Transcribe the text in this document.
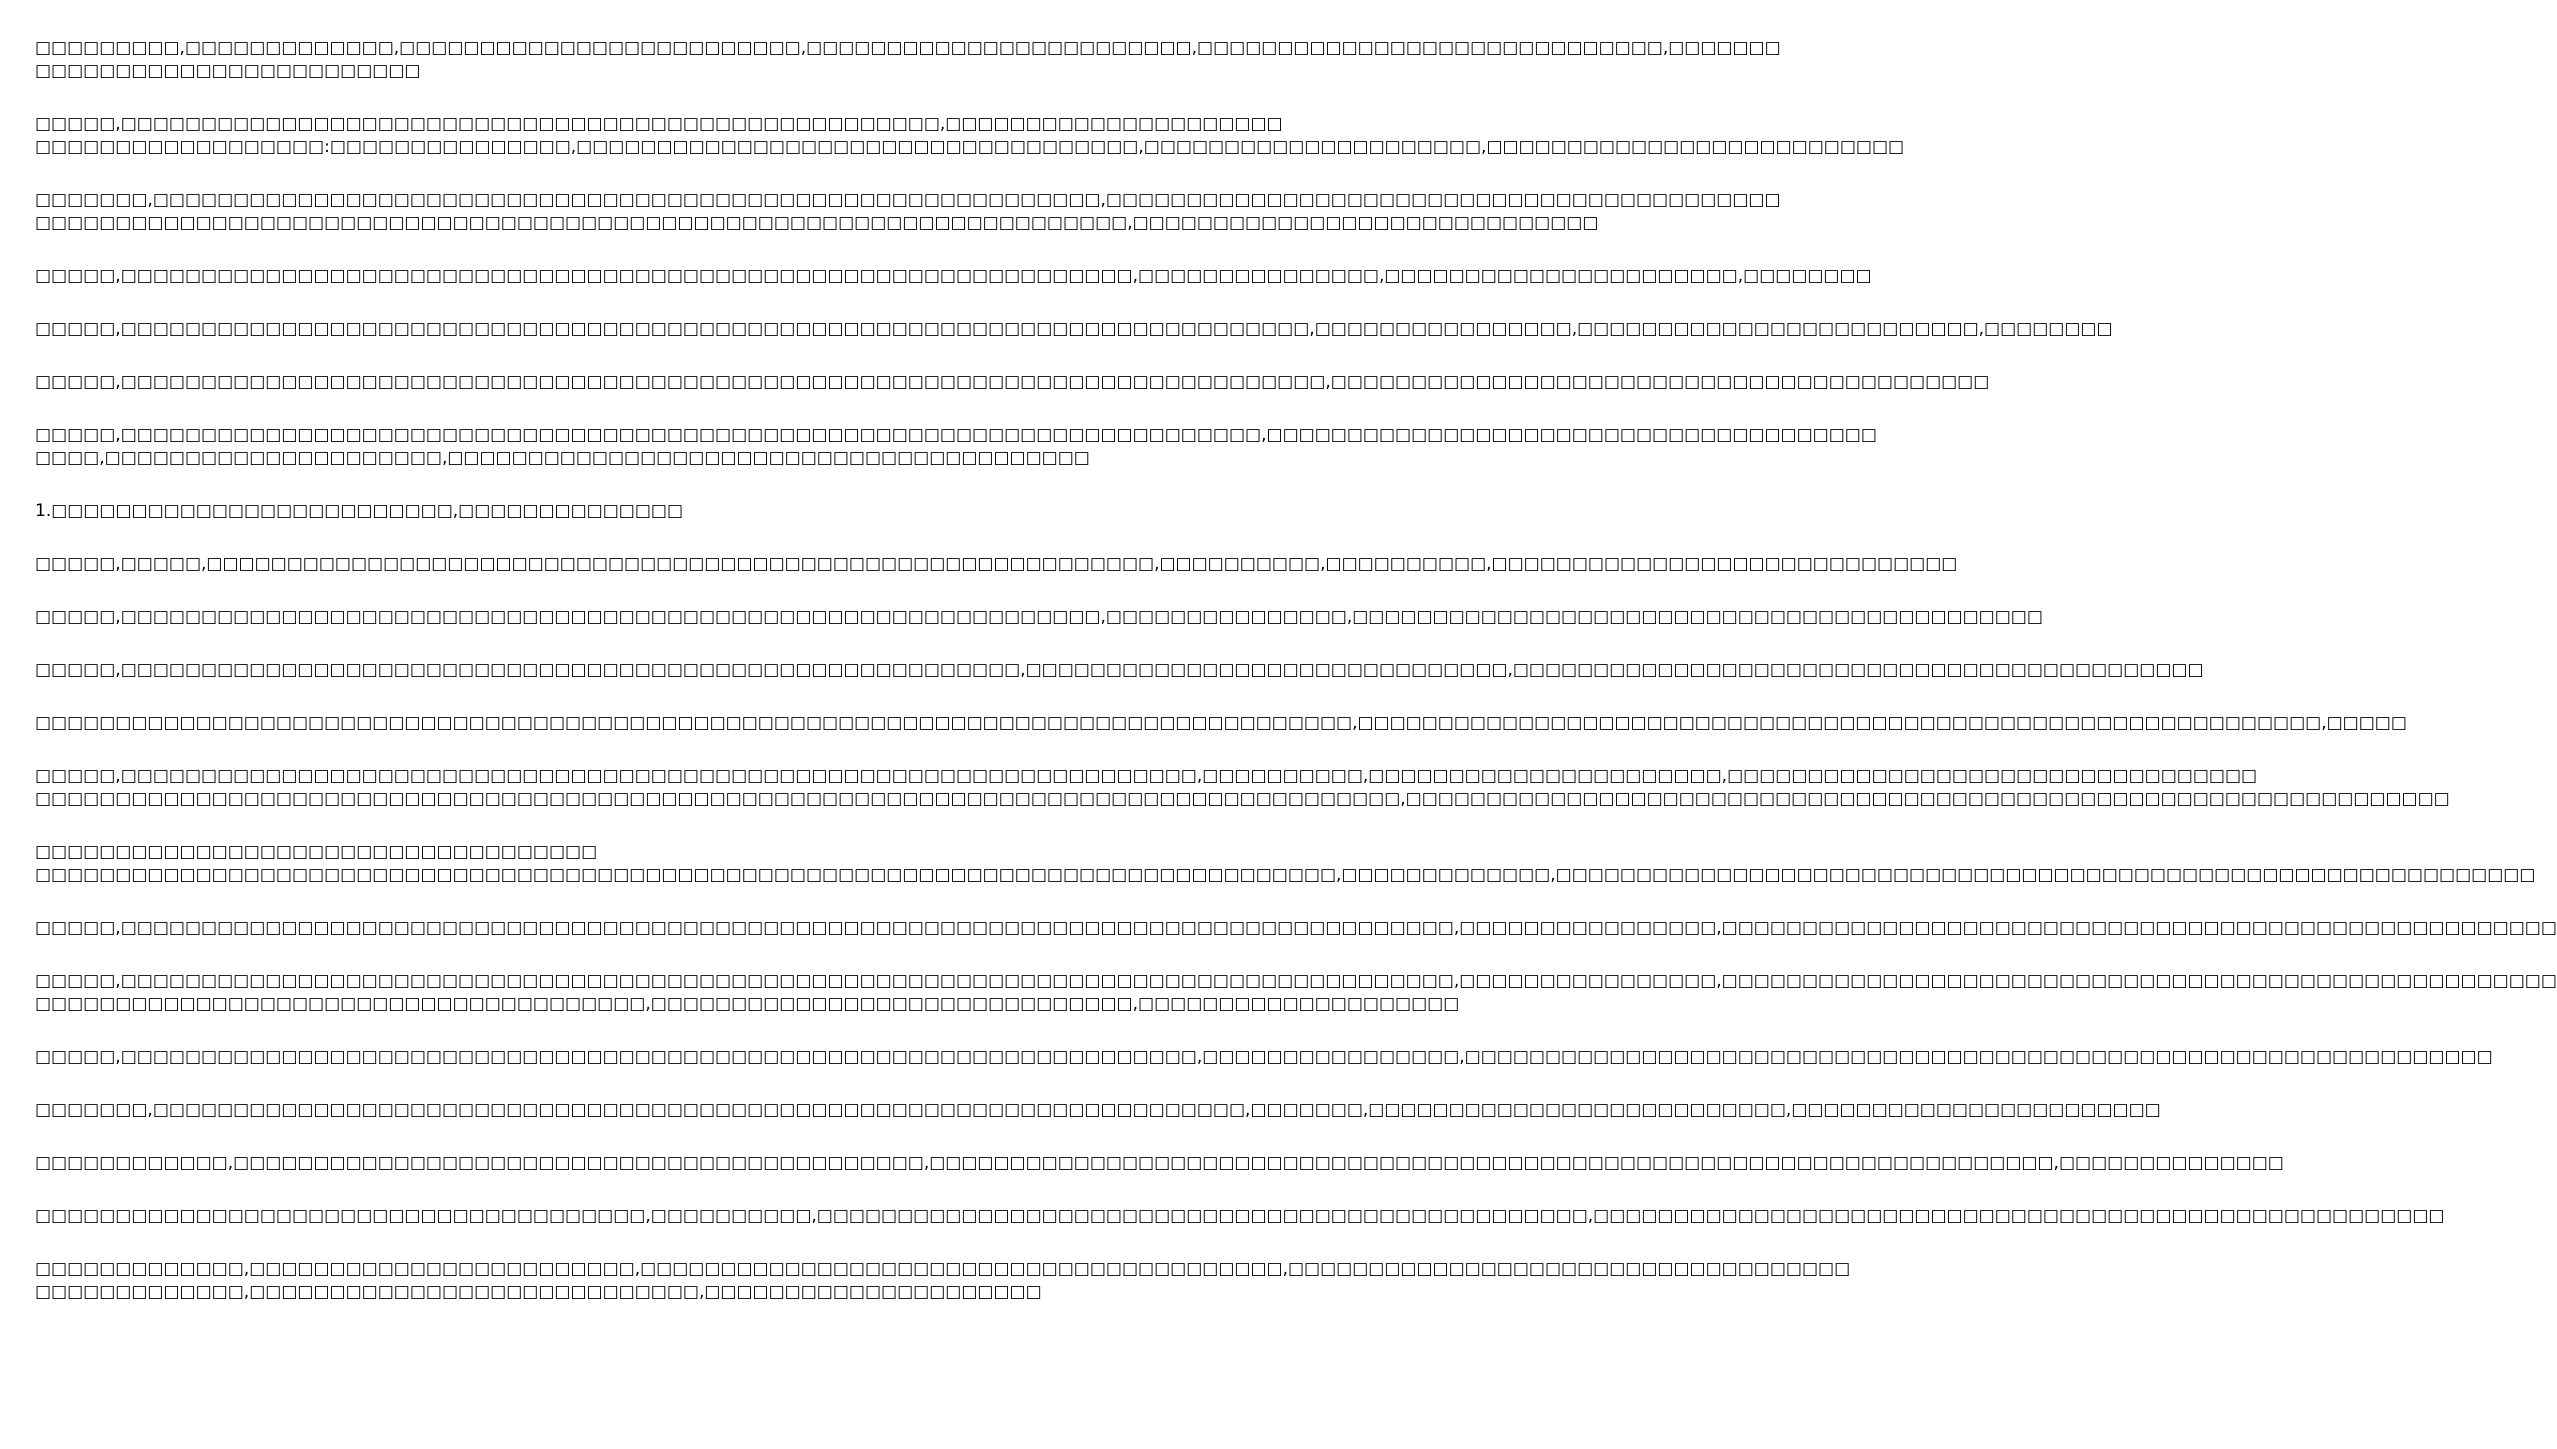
□□□□□□□□□,□□□□□□□□□□□□□,□□□□□□□□□□□□□□□□□□□□□□□□□,□□□□□□□□□□□□□□□□□□□□□□□□,□□□□□□□□□□□□□□□□□□□□□□□□□□□□□,□□□□□□□
□□□□□□□□□□□□□□□□□□□□□□□□
□□□□□,□□□□□□□□□□□□□□□□□□□□□□□□□□□□□□□□□□□□□□□□□□□□□□□□□□□,□□□□□□□□□□□□□□□□□□□□□
□□□□□□□□□□□□□□□□□□:□□□□□□□□□□□□□□□,□□□□□□□□□□□□□□□□□□□□□□□□□□□□□□□□□□□,□□□□□□□□□□□□□□□□□□□□□,□□□□□□□□□□□□□□□□□□□□□□□□□□
□□□□□□□,□□□□□□□□□□□□□□□□□□□□□□□□□□□□□□□□□□□□□□□□□□□□□□□□□□□□□□□□□□□,□□□□□□□□□□□□□□□□□□□□□□□□□□□□□□□□□□□□□□□□□□
□□□□□□□□□□□□□□□□□□□□□□□□□□□□□□□□□□□□□□□□□□□□□□□□□□□□□□□□□□□□□□□□□□□□,□□□□□□□□□□□□□□□□□□□□□□□□□□□□□
□□□□□,□□□□□□□□□□□□□□□□□□□□□□□□□□□□□□□□□□□□□□□□□□□□□□□□□□□□□□□□□□□□□□□,□□□□□□□□□□□□□□□,□□□□□□□□□□□□□□□□□□□□□□,□□□□□□□□
□□□□□,□□□□□□□□□□□□□□□□□□□□□□□□□□□□□□□□□□□□□□□□□□□□□□□□□□□□□□□□□□□□□□□□□□□□□□□□□□,□□□□□□□□□□□□□□□□,□□□□□□□□□□□□□□□□□□□□□□□□□,□□□□□□□□
□□□□□,□□□□□□□□□□□□□□□□□□□□□□□□□□□□□□□□□□□□□□□□□□□□□□□□□□□□□□□□□□□□□□□□□□□□□□□□□□□,□□□□□□□□□□□□□□□□□□□□□□□□□□□□□□□□□□□□□□□□□
□□□□□,□□□□□□□□□□□□□□□□□□□□□□□□□□□□□□□□□□□□□□□□□□□□□□□□□□□□□□□□□□□□□□□□□□□□□□□,□□□□□□□□□□□□□□□□□□□□□□□□□□□□□□□□□□□□□□
□□□□,□□□□□□□□□□□□□□□□□□□□□,□□□□□□□□□□□□□□□□□□□□□□□□□□□□□□□□□□□□□□□□
1.□□□□□□□□□□□□□□□□□□□□□□□□□,□□□□□□□□□□□□□□
□□□□□,□□□□□,□□□□□□□□□□□□□□□□□□□□□□□□□□□□□□□□□□□□□□□□□□□□□□□□□□□□□□□□□□□,□□□□□□□□□□,□□□□□□□□□□,□□□□□□□□□□□□□□□□□□□□□□□□□□□□□
□□□□□,□□□□□□□□□□□□□□□□□□□□□□□□□□□□□□□□□□□□□□□□□□□□□□□□□□□□□□□□□□□□□,□□□□□□□□□□□□□□□,□□□□□□□□□□□□□□□□□□□□□□□□□□□□□□□□□□□□□□□□□□□
□□□□□,□□□□□□□□□□□□□□□□□□□□□□□□□□□□□□□□□□□□□□□□□□□□□□□□□□□□□□□□,□□□□□□□□□□□□□□□□□□□□□□□□□□□□□□,□□□□□□□□□□□□□□□□□□□□□□□□□□□□□□□□□□□□□□□□□□□
□□□□□□□□□□□□□□□□□□□□□□□□□□□□□□□□□□□□□□□□□□□□□□□□□□□□□□□□□□□□□□□□□□□□□□□□□□□□□□□□□□,□□□□□□□□□□□□□□□□□□□□□□□□□□□□□□□□□□□□□□□□□□□□□□□□□□□□□□□□□□□□,□□□□□
□□□□□,□□□□□□□□□□□□□□□□□□□□□□□□□□□□□□□□□□□□□□□□□□□□□□□□□□□□□□□□□□□□□□□□□□□,□□□□□□□□□□,□□□□□□□□□□□□□□□□□□□□□□,□□□□□□□□□□□□□□□□□□□□□□□□□□□□□□□□□
□□□□□□□□□□□□□□□□□□□□□□□□□□□□□□□□□□□□□□□□□□□□□□□□□□□□□□□□□□□□□□□□□□□□□□□□□□□□□□□□□□□□□,□□□□□□□□□□□□□□□□□□□□□□□□□□□□□□□□□□□□□□□□□□□□□□□□□□□□□□□□□□□□□□□□□
□□□□□□□□□□□□□□□□□□□□□□□□□□□□□□□□□□□
□□□□□□□□□□□□□□□□□□□□□□□□□□□□□□□□□□□□□□□□□□□□□□□□□□□□□□□□□□□□□□□□□□□□□□□□□□□□□□□□□,□□□□□□□□□□□□□,□□□□□□□□□□□□□□□□□□□□□□□□□□□□□□□□□□□□□□□□□□□□□□□□□□□□□□□□□□□□□
□□□□□,□□□□□□□□□□□□□□□□□□□□□□□□□□□□□□□□□□□□□□□□□□□□□□□□□□□□□□□□□□□□□□□□□□□□□□□□□□□□□□□□□□□,□□□□□□□□□□□□□□□□,□□□□□□□□□□□□□□□□□□□□□□□□□□□□□□□□□□□□□□□□□□□□□□□□□□□□
□□□□□,□□□□□□□□□□□□□□□□□□□□□□□□□□□□□□□□□□□□□□□□□□□□□□□□□□□□□□□□□□□□□□□□□□□□□□□□□□□□□□□□□□□,□□□□□□□□□□□□□□□□,□□□□□□□□□□□□□□□□□□□□□□□□□□□□□□□□□□□□□□□□□□□□□□□□□□□□
□□□□□□□□□□□□□□□□□□□□□□□□□□□□□□□□□□□□□□,□□□□□□□□□□□□□□□□□□□□□□□□□□□□□□,□□□□□□□□□□□□□□□□□□□□
□□□□□,□□□□□□□□□□□□□□□□□□□□□□□□□□□□□□□□□□□□□□□□□□□□□□□□□□□□□□□□□□□□□□□□□□□,□□□□□□□□□□□□□□□□,□□□□□□□□□□□□□□□□□□□□□□□□□□□□□□□□□□□□□□□□□□□□□□□□□□□□□□□□□□□□□□□□
□□□□□□□,□□□□□□□□□□□□□□□□□□□□□□□□□□□□□□□□□□□□□□□□□□□□□□□□□□□□□□□□□□□□□□□□□□□□,□□□□□□□,□□□□□□□□□□□□□□□□□□□□□□□□□□,□□□□□□□□□□□□□□□□□□□□□□□
□□□□□□□□□□□□,□□□□□□□□□□□□□□□□□□□□□□□□□□□□□□□□□□□□□□□□□□□,□□□□□□□□□□□□□□□□□□□□□□□□□□□□□□□□□□□□□□□□□□□□□□□□□□□□□□□□□□□□□□□□□□□□□□,□□□□□□□□□□□□□□
□□□□□□□□□□□□□□□□□□□□□□□□□□□□□□□□□□□□□□,□□□□□□□□□□,□□□□□□□□□□□□□□□□□□□□□□□□□□□□□□□□□□□□□□□□□□□□□□□□,□□□□□□□□□□□□□□□□□□□□□□□□□□□□□□□□□□□□□□□□□□□□□□□□□□□□□
□□□□□□□□□□□□□,□□□□□□□□□□□□□□□□□□□□□□□□,□□□□□□□□□□□□□□□□□□□□□□□□□□□□□□□□□□□□□□□□,□□□□□□□□□□□□□□□□□□□□□□□□□□□□□□□□□□□
□□□□□□□□□□□□□,□□□□□□□□□□□□□□□□□□□□□□□□□□□□,□□□□□□□□□□□□□□□□□□□□□
